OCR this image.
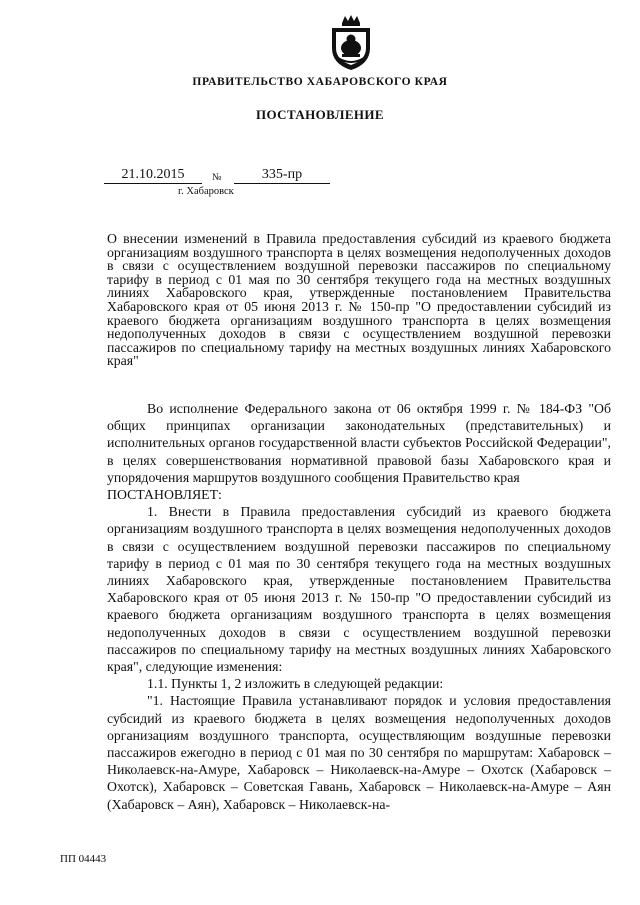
ПРАВИТЕЛЬСТВО ХАБАРОВСКОГО КРАЯ
ПОСТАНОВЛЕНИЕ
21.10.2015	№	335-пр
г. Хабаровск
О внесении изменений в Правила предоставления субсидий из краевого бюджета организациям воздушного транспорта в целях возмещения недополученных доходов в связи с осуществлением воздушной перевозки пассажиров по специальному тарифу в период с 01 мая по 30 сентября текущего года на местных воздушных линиях Хабаровского края, утвержденные постановлением Правительства Хабаровского края от 05 июня 2013 г. № 150-пр "О предоставлении субсидий из краевого бюджета организациям воздушного транспорта в целях возмещения недополученных доходов в связи с осуществлением воздушной перевозки пассажиров по специальному тарифу на местных воздушных линиях Хабаровского края"

Во исполнение Федерального закона от 06 октября 1999 г. № 184-ФЗ "Об общих принципах организации законодательных (представительных) и исполнительных органов государственной власти субъектов Российской Федерации", в целях совершенствования нормативной правовой базы Хабаровского края и упорядочения маршрутов воздушного сообщения Правительство края

ПОСТАНОВЛЯЕТ:

1. Внести в Правила предоставления субсидий из краевого бюджета организациям воздушного транспорта в целях возмещения недополученных доходов в связи с осуществлением воздушной перевозки пассажиров по специальному тарифу в период с 01 мая по 30 сентября текущего года на местных воздушных линиях Хабаровского края, утвержденные постановлением Правительства Хабаровского края от 05 июня 2013 г. № 150-пр "О предоставлении субсидий из краевого бюджета организациям воздушного транспорта в целях возмещения недополученных доходов в связи с осуществлением воздушной перевозки пассажиров по специальному тарифу на местных воздушных линиях Хабаровского края", следующие изменения:

1.1. Пункты 1, 2 изложить в следующей редакции:

"1. Настоящие Правила устанавливают порядок и условия предоставления субсидий из краевого бюджета в целях возмещения недополученных доходов организациям воздушного транспорта, осуществляющим воздушные перевозки пассажиров ежегодно в период с 01 мая по 30 сентября по маршрутам: Хабаровск – Николаевск-на-Амуре, Хабаровск – Николаевск-на-Амуре – Охотск (Хабаровск – Охотск), Хабаровск – Советская Гавань, Хабаровск – Николаевск-на-Амуре – Аян (Хабаровск – Аян), Хабаровск – Николаевск-на-

ПП 04443
